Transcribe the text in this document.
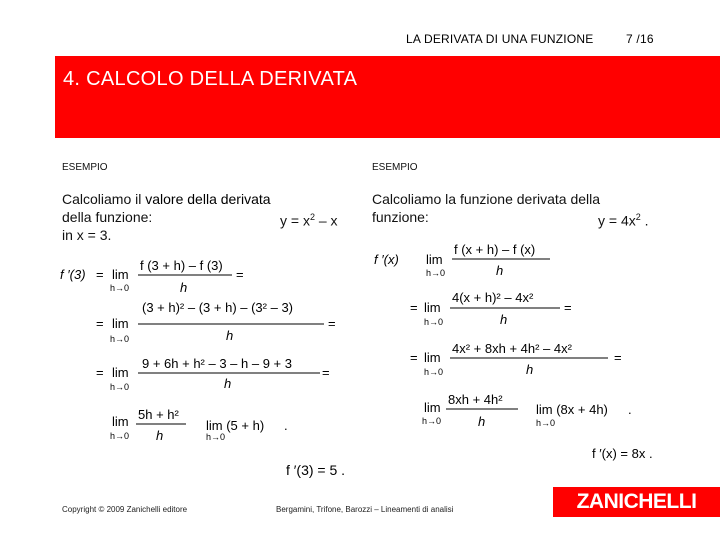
LA DERIVATA DI UNA FUNZIONE	7 /16
4. CALCOLO DELLA DERIVATA
ESEMPIO
Calcoliamo il valore della derivata
della funzione:	$y = x^2 - x$
in x = 3.
f ′(3) = lim
h→0
f (3 + h) – f (3)
h
=
= lim
h→0
(3 + h)² – (3 + h) – (3² – 3)
h
=
= lim
h→0
9 + 6h + h² – 3 – h – 9 + 3
h
=
lim
h→0
5h + h²
h
lim (5 + h)
h→0
.
f ′(3) = 5 .
ESEMPIO
Calcoliamo la funzione derivata della
funzione:	$y = 4x^2$ .
f ′(x) lim
h→0
f (x + h) – f (x)
h
= lim
h→0
4(x + h)² – 4x²
h
=
= lim
h→0
4x² + 8xh + 4h² – 4x²
h
=
lim
h→0
8xh + 4h²
h
lim (8x + 4h)
h→0
.
f ′(x) = 8x .
Copyright © 2009 Zanichelli editore	Bergamini, Trifone, Barozzi – Lineamenti di analisi	ZANICHELLI
